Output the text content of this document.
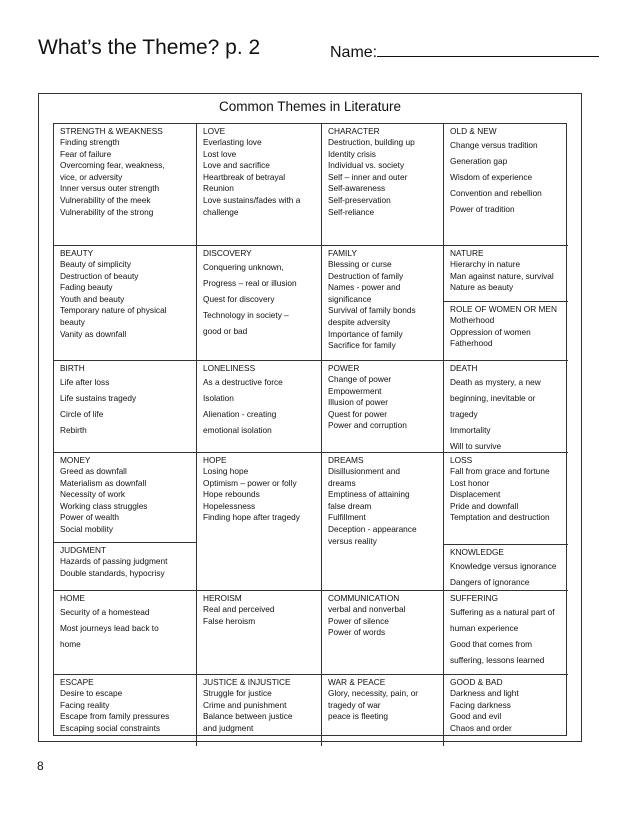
What’s the Theme? p. 2	Name:
Common Themes in Literature
STRENGTH & WEAKNESS
Finding strength
Fear of failure
Overcoming fear, weakness,
vice, or adversity
Inner versus outer strength
Vulnerability of the meek
Vulnerability of the strong
LOVE
Everlasting love
Lost love
Love and sacrifice
Heartbreak of betrayal
Reunion
Love sustains/fades with a
challenge
CHARACTER
Destruction, building up
Identity crisis
Individual vs. society
Self – inner and outer
Self-awareness
Self-preservation
Self-reliance
OLD & NEW
Change versus tradition
Generation gap
Wisdom of experience
Convention and rebellion
Power of tradition
BEAUTY
Beauty of simplicity
Destruction of beauty
Fading beauty
Youth and beauty
Temporary nature of physical
beauty
Vanity as downfall
DISCOVERY
Conquering unknown,
Progress – real or illusion
Quest for discovery
Technology in society –
good or bad
FAMILY
Blessing or curse
Destruction of family
Names - power and
significance
Survival of family bonds
despite adversity
Importance of family
Sacrifice for family
NATURE
Hierarchy in nature
Man against nature, survival
Nature as beauty
ROLE OF WOMEN OR MEN
Motherhood
Oppression of women
Fatherhood
BIRTH
Life after loss
Life sustains tragedy
Circle of life
Rebirth
LONELINESS
As a destructive force
Isolation
Alienation - creating
emotional isolation
POWER
Change of power
Empowerment
Illusion of power
Quest for power
Power and corruption
DEATH
Death as mystery, a new
beginning, inevitable or
tragedy
Immortality
Will to survive
MONEY
Greed as downfall
Materialism as downfall
Necessity of work
Working class struggles
Power of wealth
Social mobility
JUDGMENT
Hazards of passing judgment
Double standards, hypocrisy
HOPE
Losing hope
Optimism – power or folly
Hope rebounds
Hopelessness
Finding hope after tragedy
DREAMS
Disillusionment and
dreams
Emptiness of attaining
false dream
Fulfillment
Deception - appearance
versus reality
LOSS
Fall from grace and fortune
Lost honor
Displacement
Pride and downfall
Temptation and destruction
KNOWLEDGE
Knowledge versus ignorance
Dangers of ignorance
HOME
Security of a homestead
Most journeys lead back to
home
HEROISM
Real and perceived
False heroism
COMMUNICATION
verbal and nonverbal
Power of silence
Power of words
SUFFERING
Suffering as a natural part of
human experience
Good that comes from
suffering, lessons learned
ESCAPE
Desire to escape
Facing reality
Escape from family pressures
Escaping social constraints
JUSTICE & INJUSTICE
Struggle for justice
Crime and punishment
Balance between justice
and judgment
WAR & PEACE
Glory, necessity, pain, or
tragedy of war
peace is fleeting
GOOD & BAD
Darkness and light
Facing darkness
Good and evil
Chaos and order
8
